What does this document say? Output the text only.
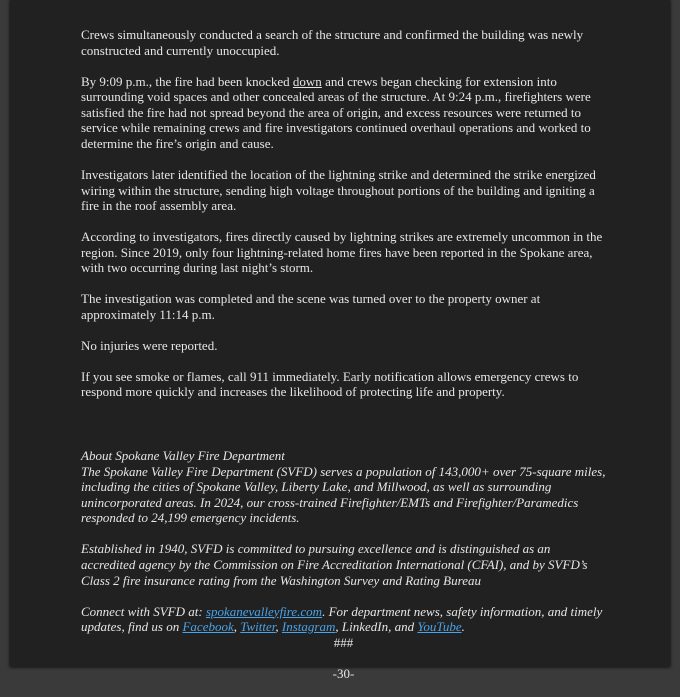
Crews simultaneously conducted a search of the structure and confirmed the building was newly constructed and currently unoccupied.

By 9:09 p.m., the fire had been knocked down and crews began checking for extension into surrounding void spaces and other concealed areas of the structure. At 9:24 p.m., firefighters were satisfied the fire had not spread beyond the area of origin, and excess resources were returned to service while remaining crews and fire investigators continued overhaul operations and worked to determine the fire’s origin and cause.

Investigators later identified the location of the lightning strike and determined the strike energized wiring within the structure, sending high voltage throughout portions of the building and igniting a fire in the roof assembly area.

According to investigators, fires directly caused by lightning strikes are extremely uncommon in the region. Since 2019, only four lightning-related home fires have been reported in the Spokane area, with two occurring during last night’s storm.

The investigation was completed and the scene was turned over to the property owner at approximately 11:14 p.m.

No injuries were reported.

If you see smoke or flames, call 911 immediately. Early notification allows emergency crews to respond more quickly and increases the likelihood of protecting life and property.

About Spokane Valley Fire Department
The Spokane Valley Fire Department (SVFD) serves a population of 143,000+ over 75-square miles, including the cities of Spokane Valley, Liberty Lake, and Millwood, as well as surrounding unincorporated areas. In 2024, our cross-trained Firefighter/EMTs and Firefighter/Paramedics responded to 24,199 emergency incidents.

Established in 1940, SVFD is committed to pursuing excellence and is distinguished as an accredited agency by the Commission on Fire Accreditation International (CFAI), and by SVFD’s Class 2 fire insurance rating from the Washington Survey and Rating Bureau

Connect with SVFD at: spokanevalleyfire.com. For department news, safety information, and timely updates, find us on Facebook, Twitter, Instagram, LinkedIn, and YouTube.

###

-30-
